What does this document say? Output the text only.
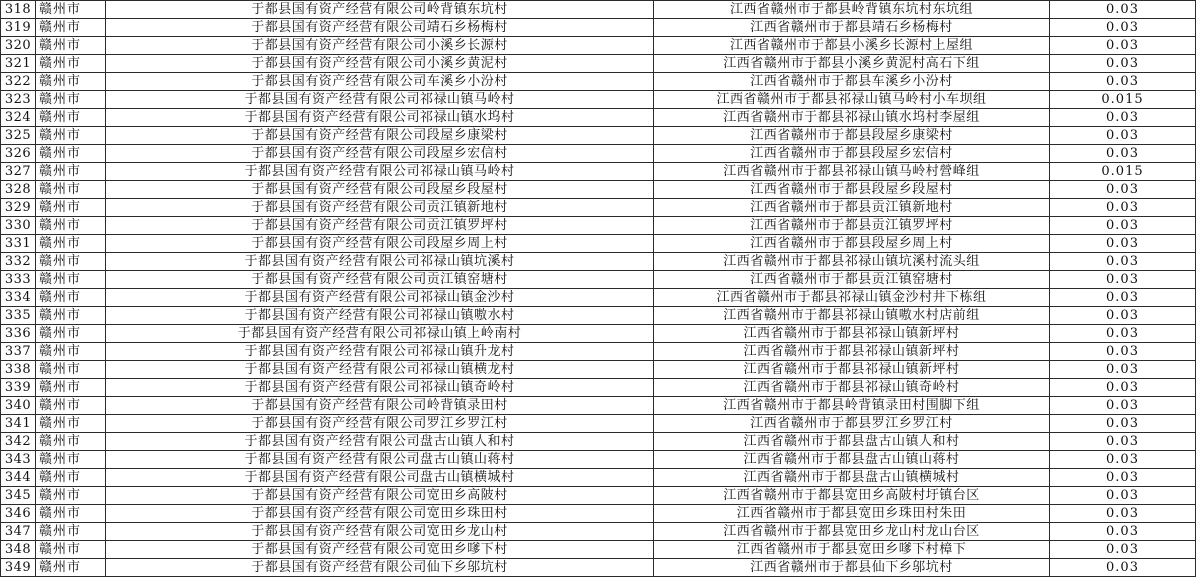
318	赣州市	于都县国有资产经营有限公司岭背镇东坑村	江西省赣州市于都县岭背镇东坑村东坑组	0.03
319	赣州市	于都县国有资产经营有限公司靖石乡杨梅村	江西省赣州市于都县靖石乡杨梅村	0.03
320	赣州市	于都县国有资产经营有限公司小溪乡长源村	江西省赣州市于都县小溪乡长源村上屋组	0.03
321	赣州市	于都县国有资产经营有限公司小溪乡黄泥村	江西省赣州市于都县小溪乡黄泥村高石下组	0.03
322	赣州市	于都县国有资产经营有限公司车溪乡小汾村	江西省赣州市于都县车溪乡小汾村	0.03
323	赣州市	于都县国有资产经营有限公司祁禄山镇马岭村	江西省赣州市于都县祁禄山镇马岭村小车坝组	0.015
324	赣州市	于都县国有资产经营有限公司祁禄山镇水坞村	江西省赣州市于都县祁禄山镇水坞村李屋组	0.03
325	赣州市	于都县国有资产经营有限公司段屋乡康梁村	江西省赣州市于都县段屋乡康梁村	0.03
326	赣州市	于都县国有资产经营有限公司段屋乡宏信村	江西省赣州市于都县段屋乡宏信村	0.03
327	赣州市	于都县国有资产经营有限公司祁禄山镇马岭村	江西省赣州市于都县祁禄山镇马岭村營峰组	0.015
328	赣州市	于都县国有资产经营有限公司段屋乡段屋村	江西省赣州市于都县段屋乡段屋村	0.03
329	赣州市	于都县国有资产经营有限公司贡江镇新地村	江西省赣州市于都县贡江镇新地村	0.03
330	赣州市	于都县国有资产经营有限公司贡江镇罗坪村	江西省赣州市于都县贡江镇罗坪村	0.03
331	赣州市	于都县国有资产经营有限公司段屋乡周上村	江西省赣州市于都县段屋乡周上村	0.03
332	赣州市	于都县国有资产经营有限公司祁禄山镇坑溪村	江西省赣州市于都县祁禄山镇坑溪村流头组	0.03
333	赣州市	于都县国有资产经营有限公司贡江镇窑塘村	江西省赣州市于都县贡江镇窑塘村	0.03
334	赣州市	于都县国有资产经营有限公司祁禄山镇金沙村	江西省赣州市于都县祁禄山镇金沙村井下栋组	0.03
335	赣州市	于都县国有资产经营有限公司祁禄山镇嗷水村	江西省赣州市于都县祁禄山镇嗷水村店前组	0.03
336	赣州市	于都县国有资产经营有限公司祁禄山镇上岭南村	江西省赣州市于都县祁禄山镇新坪村	0.03
337	赣州市	于都县国有资产经营有限公司祁禄山镇升龙村	江西省赣州市于都县祁禄山镇新坪村	0.03
338	赣州市	于都县国有资产经营有限公司祁禄山镇横龙村	江西省赣州市于都县祁禄山镇新坪村	0.03
339	赣州市	于都县国有资产经营有限公司祁禄山镇奇岭村	江西省赣州市于都县祁禄山镇奇岭村	0.03
340	赣州市	于都县国有资产经营有限公司岭背镇录田村	江西省赣州市于都县岭背镇录田村围脚下组	0.03
341	赣州市	于都县国有资产经营有限公司罗江乡罗江村	江西省赣州市于都县罗江乡罗江村	0.03
342	赣州市	于都县国有资产经营有限公司盘古山镇人和村	江西省赣州市于都县盘古山镇人和村	0.03
343	赣州市	于都县国有资产经营有限公司盘古山镇山蒋村	江西省赣州市于都县盘古山镇山蒋村	0.03
344	赣州市	于都县国有资产经营有限公司盘古山镇横城村	江西省赣州市于都县盘古山镇横城村	0.03
345	赣州市	于都县国有资产经营有限公司宽田乡高陂村	江西省赣州市于都县宽田乡高陂村圩镇台区	0.03
346	赣州市	于都县国有资产经营有限公司宽田乡珠田村	江西省赣州市于都县宽田乡珠田村朱田	0.03
347	赣州市	于都县国有资产经营有限公司宽田乡龙山村	江西省赣州市于都县宽田乡龙山村龙山台区	0.03
348	赣州市	于都县国有资产经营有限公司宽田乡嗲下村	江西省赣州市于都县宽田乡嗲下村樟下	0.03
349	赣州市	于都县国有资产经营有限公司仙下乡邬坑村	江西省赣州市于都县仙下乡邬坑村	0.03
